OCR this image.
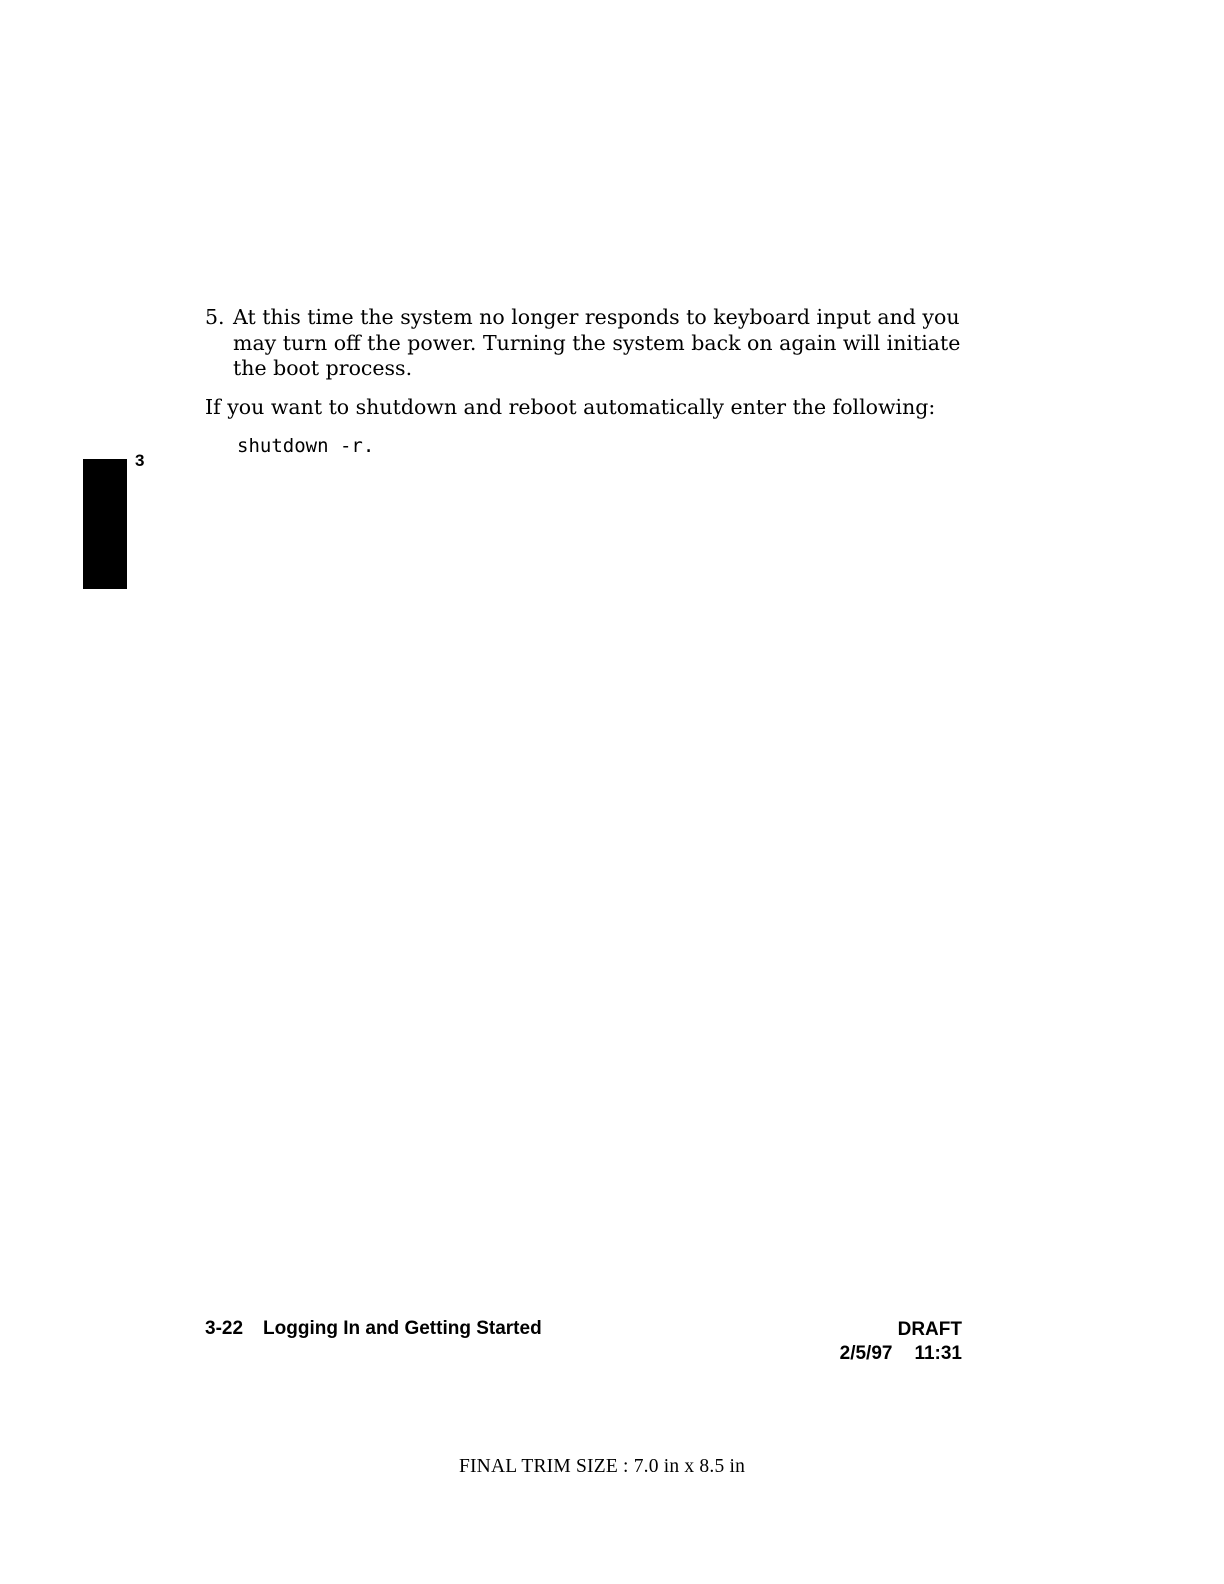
5. At this time the system no longer responds to keyboard input and you may turn off the power. Turning the system back on again will initiate the boot process.
If you want to shutdown and reboot automatically enter the following:
shutdown -r.
3
3-22 Logging In and Getting Started	DRAFT
2/5/97 11:31
FINAL TRIM SIZE : 7.0 in x 8.5 in
